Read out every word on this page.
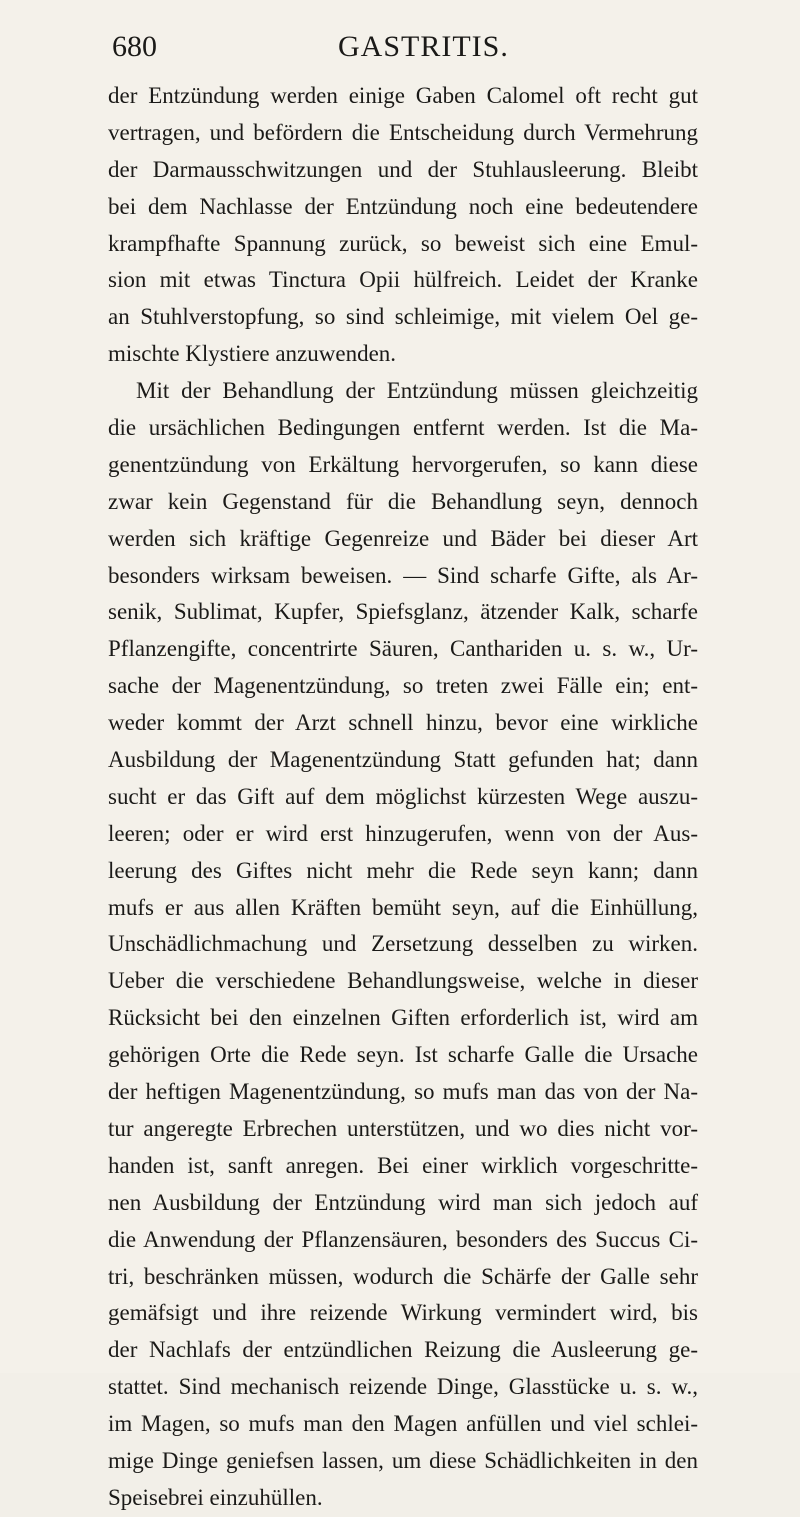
680	GASTRITIS.
der Entzündung werden einige Gaben Calomel oft recht gut
vertragen, und befördern die Entscheidung durch Vermehrung
der Darmausschwitzungen und der Stuhlausleerung. Bleibt
bei dem Nachlasse der Entzündung noch eine bedeutendere
krampfhafte Spannung zurück, so beweist sich eine Emul-
sion mit etwas Tinctura Opii hülfreich. Leidet der Kranke
an Stuhlverstopfung, so sind schleimige, mit vielem Oel ge-
mischte Klystiere anzuwenden.
Mit der Behandlung der Entzündung müssen gleichzeitig
die ursächlichen Bedingungen entfernt werden. Ist die Ma-
genentzündung von Erkältung hervorgerufen, so kann diese
zwar kein Gegenstand für die Behandlung seyn, dennoch
werden sich kräftige Gegenreize und Bäder bei dieser Art
besonders wirksam beweisen. — Sind scharfe Gifte, als Ar-
senik, Sublimat, Kupfer, Spiefsglanz, ätzender Kalk, scharfe
Pflanzengifte, concentrirte Säuren, Canthariden u. s. w., Ur-
sache der Magenentzündung, so treten zwei Fälle ein; ent-
weder kommt der Arzt schnell hinzu, bevor eine wirkliche
Ausbildung der Magenentzündung Statt gefunden hat; dann
sucht er das Gift auf dem möglichst kürzesten Wege auszu-
leeren; oder er wird erst hinzugerufen, wenn von der Aus-
leerung des Giftes nicht mehr die Rede seyn kann; dann
mufs er aus allen Kräften bemüht seyn, auf die Einhüllung,
Unschädlichmachung und Zersetzung desselben zu wirken.
Ueber die verschiedene Behandlungsweise, welche in dieser
Rücksicht bei den einzelnen Giften erforderlich ist, wird am
gehörigen Orte die Rede seyn. Ist scharfe Galle die Ursache
der heftigen Magenentzündung, so mufs man das von der Na-
tur angeregte Erbrechen unterstützen, und wo dies nicht vor-
handen ist, sanft anregen. Bei einer wirklich vorgeschritte-
nen Ausbildung der Entzündung wird man sich jedoch auf
die Anwendung der Pflanzensäuren, besonders des Succus Ci-
tri, beschränken müssen, wodurch die Schärfe der Galle sehr
gemäfsigt und ihre reizende Wirkung vermindert wird, bis
der Nachlafs der entzündlichen Reizung die Ausleerung ge-
stattet. Sind mechanisch reizende Dinge, Glasstücke u. s. w.,
im Magen, so mufs man den Magen anfüllen und viel schlei-
mige Dinge geniefsen lassen, um diese Schädlichkeiten in den
Speisebrei einzuhüllen.
